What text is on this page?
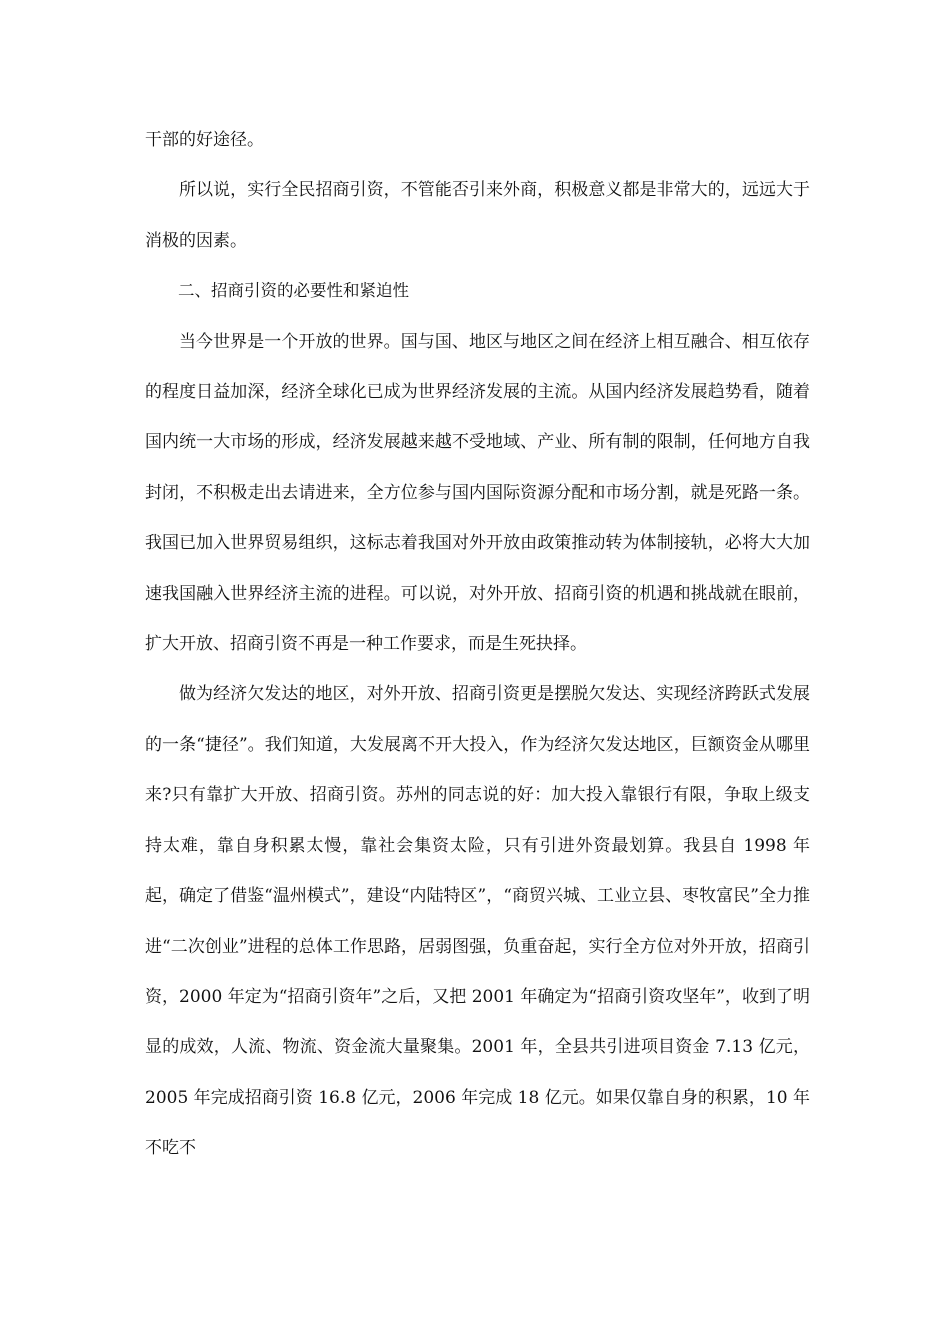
干部的好途径。

所以说，实行全民招商引资，不管能否引来外商，积极意义都是非常大的，远远大于消极的因素。

二、招商引资的必要性和紧迫性

当今世界是一个开放的世界。国与国、地区与地区之间在经济上相互融合、相互依存的程度日益加深，经济全球化已成为世界经济发展的主流。从国内经济发展趋势看，随着国内统一大市场的形成，经济发展越来越不受地域、产业、所有制的限制，任何地方自我封闭，不积极走出去请进来，全方位参与国内国际资源分配和市场分割，就是死路一条。我国已加入世界贸易组织，这标志着我国对外开放由政策推动转为体制接轨，必将大大加速我国融入世界经济主流的进程。可以说，对外开放、招商引资的机遇和挑战就在眼前，扩大开放、招商引资不再是一种工作要求，而是生死抉择。

做为经济欠发达的地区，对外开放、招商引资更是摆脱欠发达、实现经济跨跃式发展的一条“捷径”。我们知道，大发展离不开大投入，作为经济欠发达地区，巨额资金从哪里来?只有靠扩大开放、招商引资。苏州的同志说的好：加大投入靠银行有限，争取上级支持太难，靠自身积累太慢，靠社会集资太险，只有引进外资最划算。我县自 1998 年起，确定了借鉴“温州模式”，建设“内陆特区”，“商贸兴城、工业立县、枣牧富民”全力推进“二次创业”进程的总体工作思路，居弱图强，负重奋起，实行全方位对外开放，招商引资，2000 年定为“招商引资年”之后，又把 2001 年确定为“招商引资攻坚年”，收到了明显的成效，人流、物流、资金流大量聚集。2001 年，全县共引进项目资金 7.13 亿元，2005 年完成招商引资 16.8 亿元，2006 年完成 18 亿元。如果仅靠自身的积累，10 年不吃不
